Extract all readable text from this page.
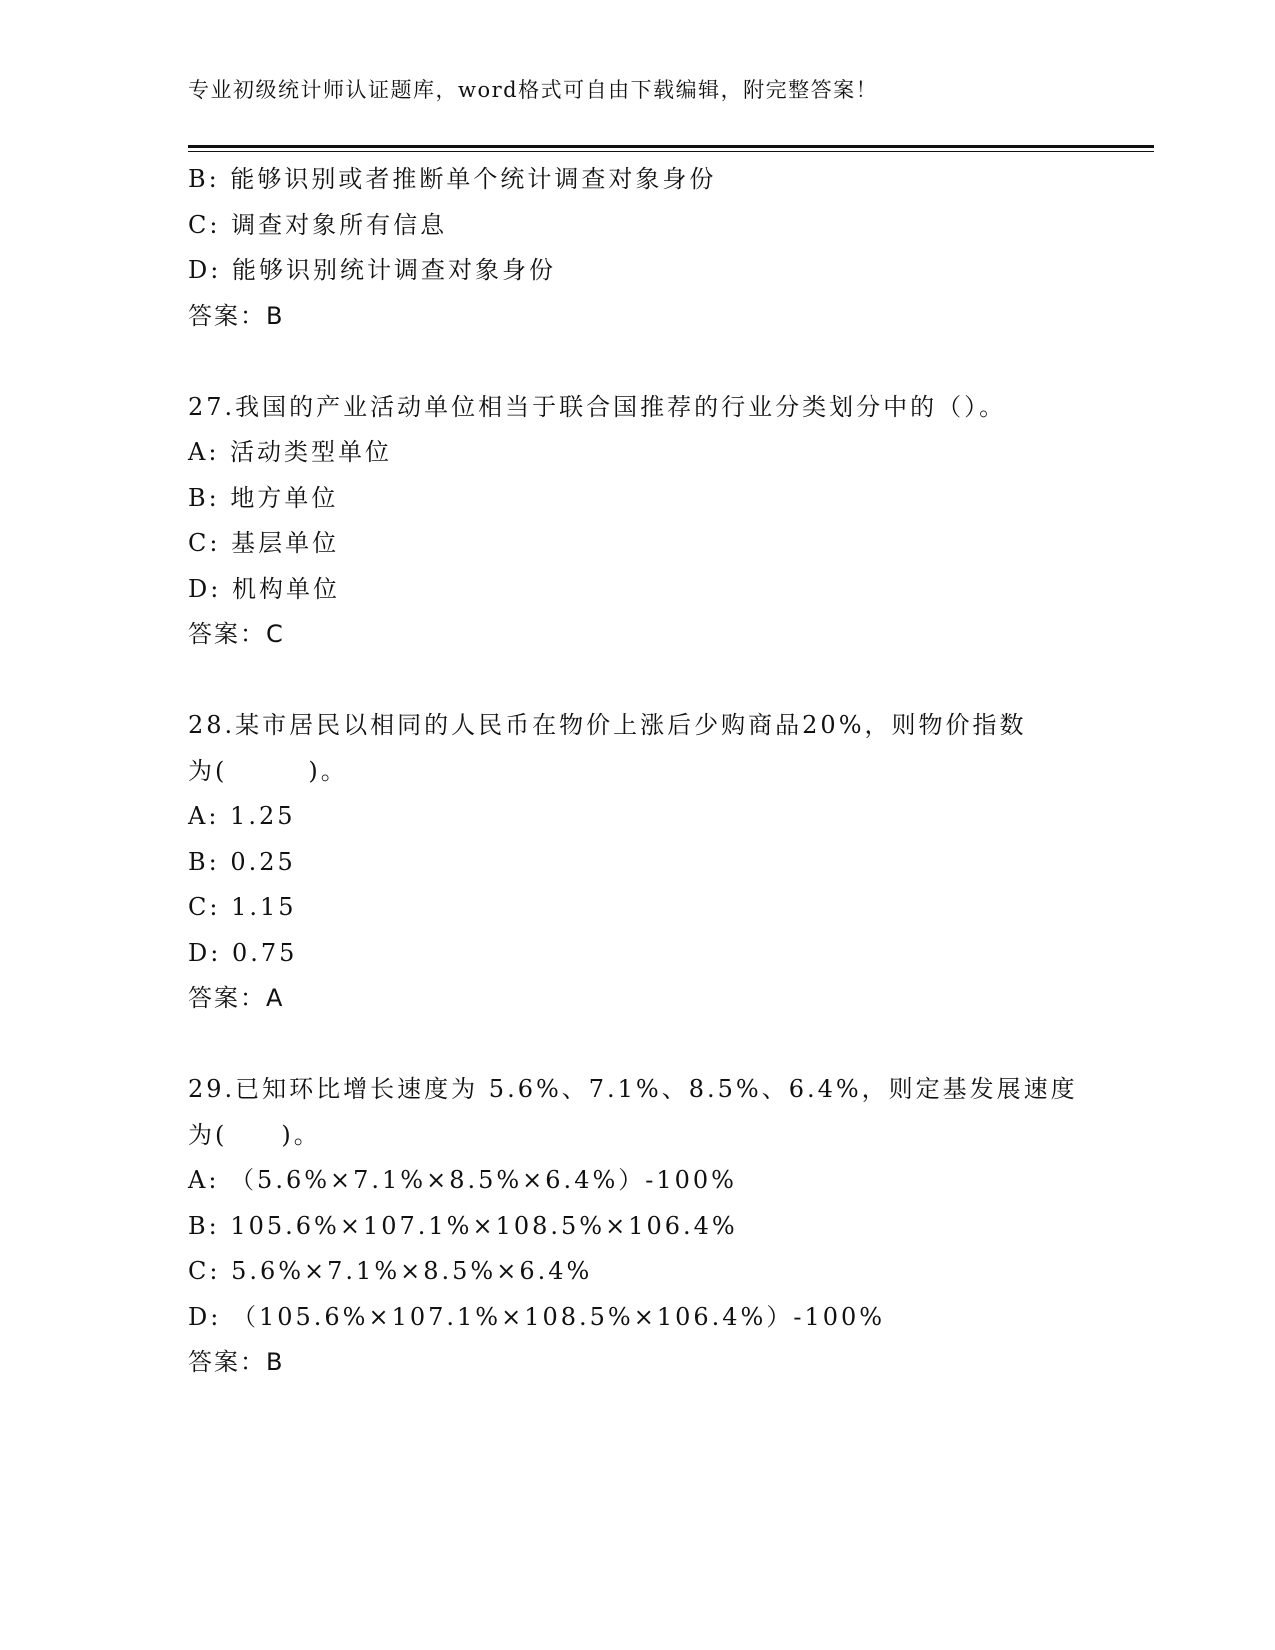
专业初级统计师认证题库，word格式可自由下载编辑，附完整答案！
B: 能够识别或者推断单个统计调查对象身份
C: 调查对象所有信息
D: 能够识别统计调查对象身份
答案：B
27.我国的产业活动单位相当于联合国推荐的行业分类划分中的（）。
A: 活动类型单位
B: 地方单位
C: 基层单位
D: 机构单位
答案：C
28.某市居民以相同的人民币在物价上涨后少购商品20%，则物价指数
为(　　　)。
A: 1.25
B: 0.25
C: 1.15
D: 0.75
答案：A
29.已知环比增长速度为 5.6%、7.1%、8.5%、6.4%，则定基发展速度
为(　　)。
A: （5.6%×7.1%×8.5%×6.4%）-100%
B: 105.6%×107.1%×108.5%×106.4%
C: 5.6%×7.1%×8.5%×6.4%
D: （105.6%×107.1%×108.5%×106.4%）-100%
答案：B
